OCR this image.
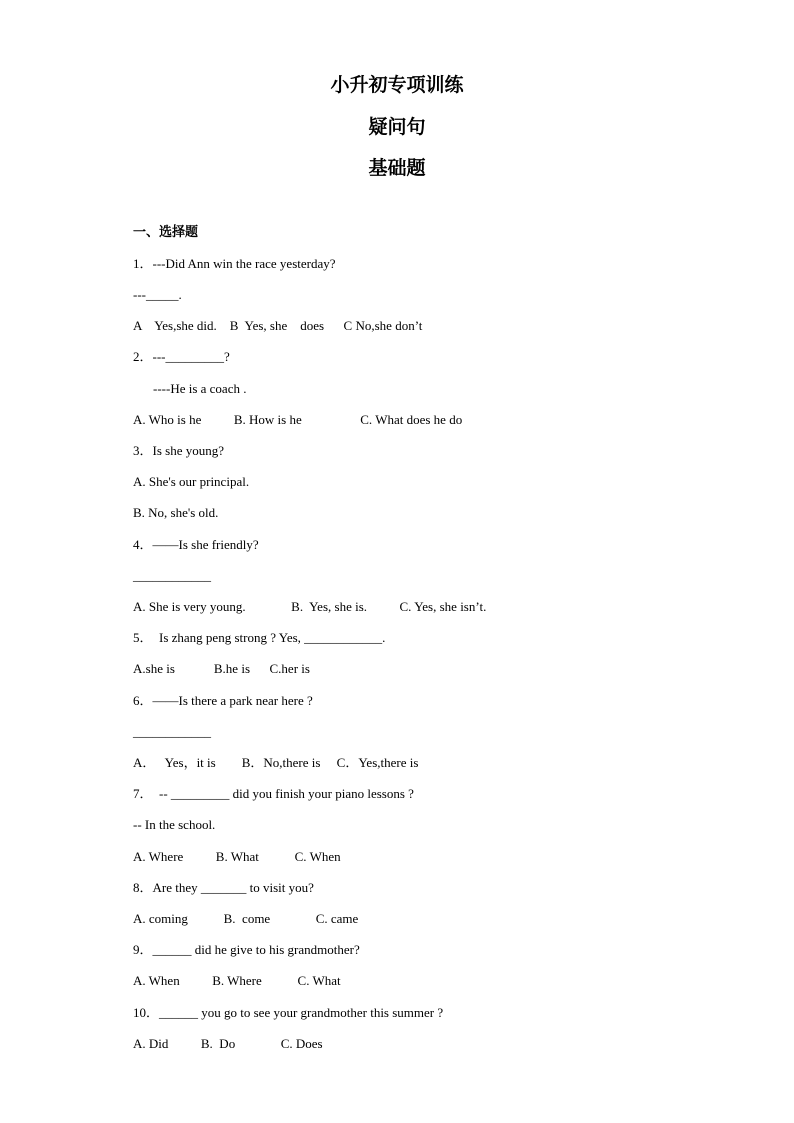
小升初专项训练
疑问句
基础题
一、选择题
1．---Did Ann win the race yesterday?
---_____.
A    Yes,she did.    B  Yes, she    does      C No,she don’t
2．---_________?
----He is a coach .
A. Who is he          B. How is he                  C. What does he do
3．Is she young?
A. She's our principal.
B. No, she's old.
4．——Is she friendly?
____________
A. She is very young.              B.  Yes, she is.          C. Yes, she isn’t.
5．  Is zhang peng strong ? Yes, ____________.
A.she is            B.he is      C.her is
6．——Is there a park near here ?
____________
A．   Yes，it is        B．No,there is     C．Yes,there is
7．  -- _________ did you finish your piano lessons ?
-- In the school.
A. Where          B. What           C. When
8．Are they _______ to visit you?
A. coming           B.  come              C. came
9．______ did he give to his grandmother?
A. When          B. Where           C. What
10．______ you go to see your grandmother this summer ?
A. Did          B.  Do              C. Does
